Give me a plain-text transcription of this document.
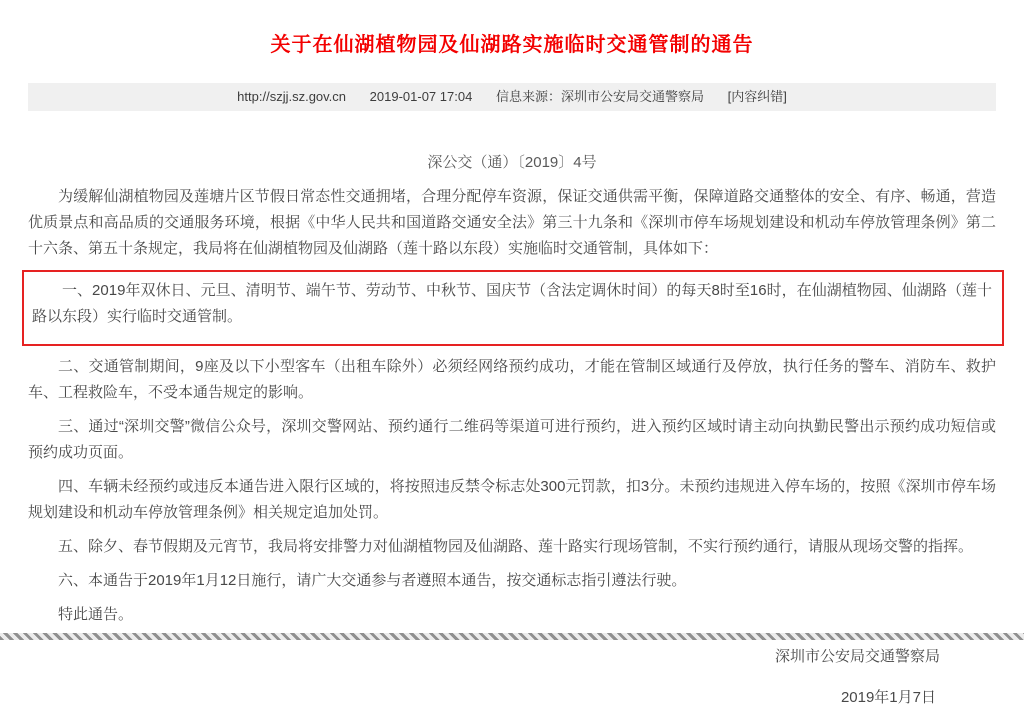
关于在仙湖植物园及仙湖路实施临时交通管制的通告
http://szjj.sz.gov.cn 2019-01-07 17:04 信息来源：深圳市公安局交通警察局 [内容纠错]
深公交（通）〔2019〕4号

为缓解仙湖植物园及莲塘片区节假日常态性交通拥堵，合理分配停车资源，保证交通供需平衡，保障道路交通整体的安全、有序、畅通，营造优质景点和高品质的交通服务环境，根据《中华人民共和国道路交通安全法》第三十九条和《深圳市停车场规划建设和机动车停放管理条例》第二十六条、第五十条规定，我局将在仙湖植物园及仙湖路（莲十路以东段）实施临时交通管制，具体如下：

一、2019年双休日、元旦、清明节、端午节、劳动节、中秋节、国庆节（含法定调休时间）的每天8时至16时，在仙湖植物园、仙湖路（莲十路以东段）实行临时交通管制。

二、交通管制期间，9座及以下小型客车（出租车除外）必须经网络预约成功，才能在管制区域通行及停放，执行任务的警车、消防车、救护车、工程救险车，不受本通告规定的影响。

三、通过“深圳交警”微信公众号，深圳交警网站、预约通行二维码等渠道可进行预约，进入预约区域时请主动向执勤民警出示预约成功短信或预约成功页面。

四、车辆未经预约或违反本通告进入限行区域的，将按照违反禁令标志处300元罚款，扣3分。未预约违规进入停车场的，按照《深圳市停车场规划建设和机动车停放管理条例》相关规定追加处罚。

五、除夕、春节假期及元宵节，我局将安排警力对仙湖植物园及仙湖路、莲十路实行现场管制，不实行预约通行，请服从现场交警的指挥。

六、本通告于2019年1月12日施行，请广大交通参与者遵照本通告，按交通标志指引遵法行驶。

特此通告。

深圳市公安局交通警察局
2019年1月7日
